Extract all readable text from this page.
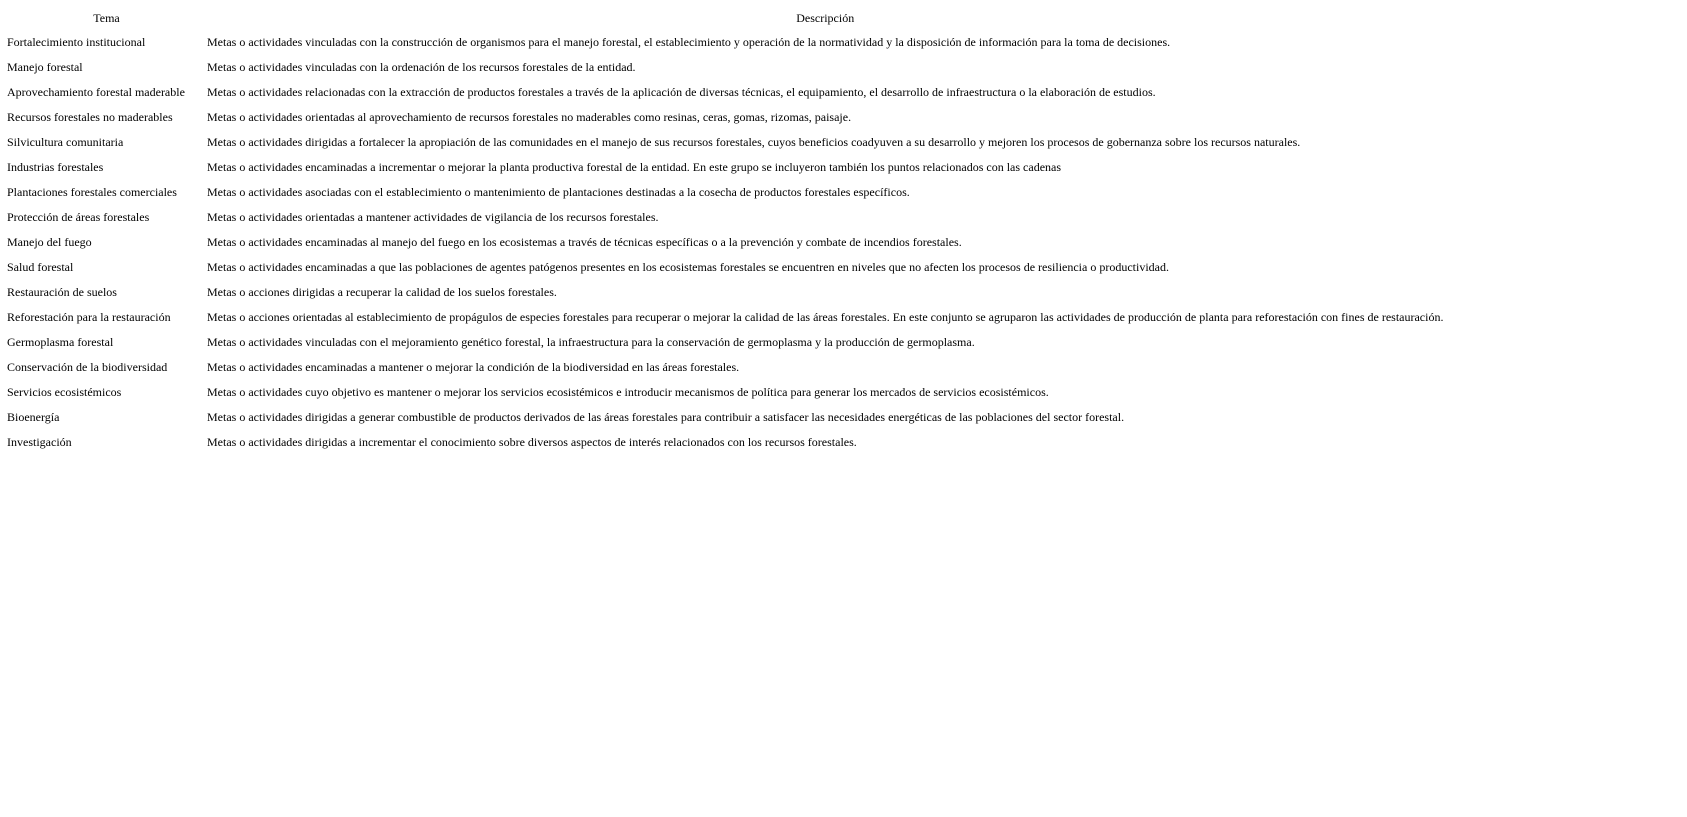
Tema	Descripción
Fortalecimiento institucional	Metas o actividades vinculadas con la construcción de organismos para el manejo forestal, el establecimiento y operación de la normatividad y la disposición de información para la toma de decisiones.
Manejo forestal	Metas o actividades vinculadas con la ordenación de los recursos forestales de la entidad.
Aprovechamiento forestal maderable	Metas o actividades relacionadas con la extracción de productos forestales a través de la aplicación de diversas técnicas, el equipamiento, el desarrollo de infraestructura o la elaboración de estudios.
Recursos forestales no maderables	Metas o actividades orientadas al aprovechamiento de recursos forestales no maderables como resinas, ceras, gomas, rizomas, paisaje.
Silvicultura comunitaria	Metas o actividades dirigidas a fortalecer la apropiación de las comunidades en el manejo de sus recursos forestales, cuyos beneficios coadyuven a su desarrollo y mejoren los procesos de gobernanza sobre los recursos naturales.
Industrias forestales	Metas o actividades encaminadas a incrementar o mejorar la planta productiva forestal de la entidad. En este grupo se incluyeron también los puntos relacionados con las cadenas
Plantaciones forestales comerciales	Metas o actividades asociadas con el establecimiento o mantenimiento de plantaciones destinadas a la cosecha de productos forestales específicos.
Protección de áreas forestales	Metas o actividades orientadas a mantener actividades de vigilancia de los recursos forestales.
Manejo del fuego	Metas o actividades encaminadas al manejo del fuego en los ecosistemas a través de técnicas específicas o a la prevención y combate de incendios forestales.
Salud forestal	Metas o actividades encaminadas a que las poblaciones de agentes patógenos presentes en los ecosistemas forestales se encuentren en niveles que no afecten los procesos de resiliencia o productividad.
Restauración de suelos	Metas o acciones dirigidas a recuperar la calidad de los suelos forestales.
Reforestación para la restauración	Metas o acciones orientadas al establecimiento de propágulos de especies forestales para recuperar o mejorar la calidad de las áreas forestales. En este conjunto se agruparon las actividades de producción de planta para reforestación con fines de restauración.
Germoplasma forestal	Metas o actividades vinculadas con el mejoramiento genético forestal, la infraestructura para la conservación de germoplasma y la producción de germoplasma.
Conservación de la biodiversidad	Metas o actividades encaminadas a mantener o mejorar la condición de la biodiversidad en las áreas forestales.
Servicios ecosistémicos	Metas o actividades cuyo objetivo es mantener o mejorar los servicios ecosistémicos e introducir mecanismos de política para generar los mercados de servicios ecosistémicos.
Bioenergía	Metas o actividades dirigidas a generar combustible de productos derivados de las áreas forestales para contribuir a satisfacer las necesidades energéticas de las poblaciones del sector forestal.
Investigación	Metas o actividades dirigidas a incrementar el conocimiento sobre diversos aspectos de interés relacionados con los recursos forestales.
